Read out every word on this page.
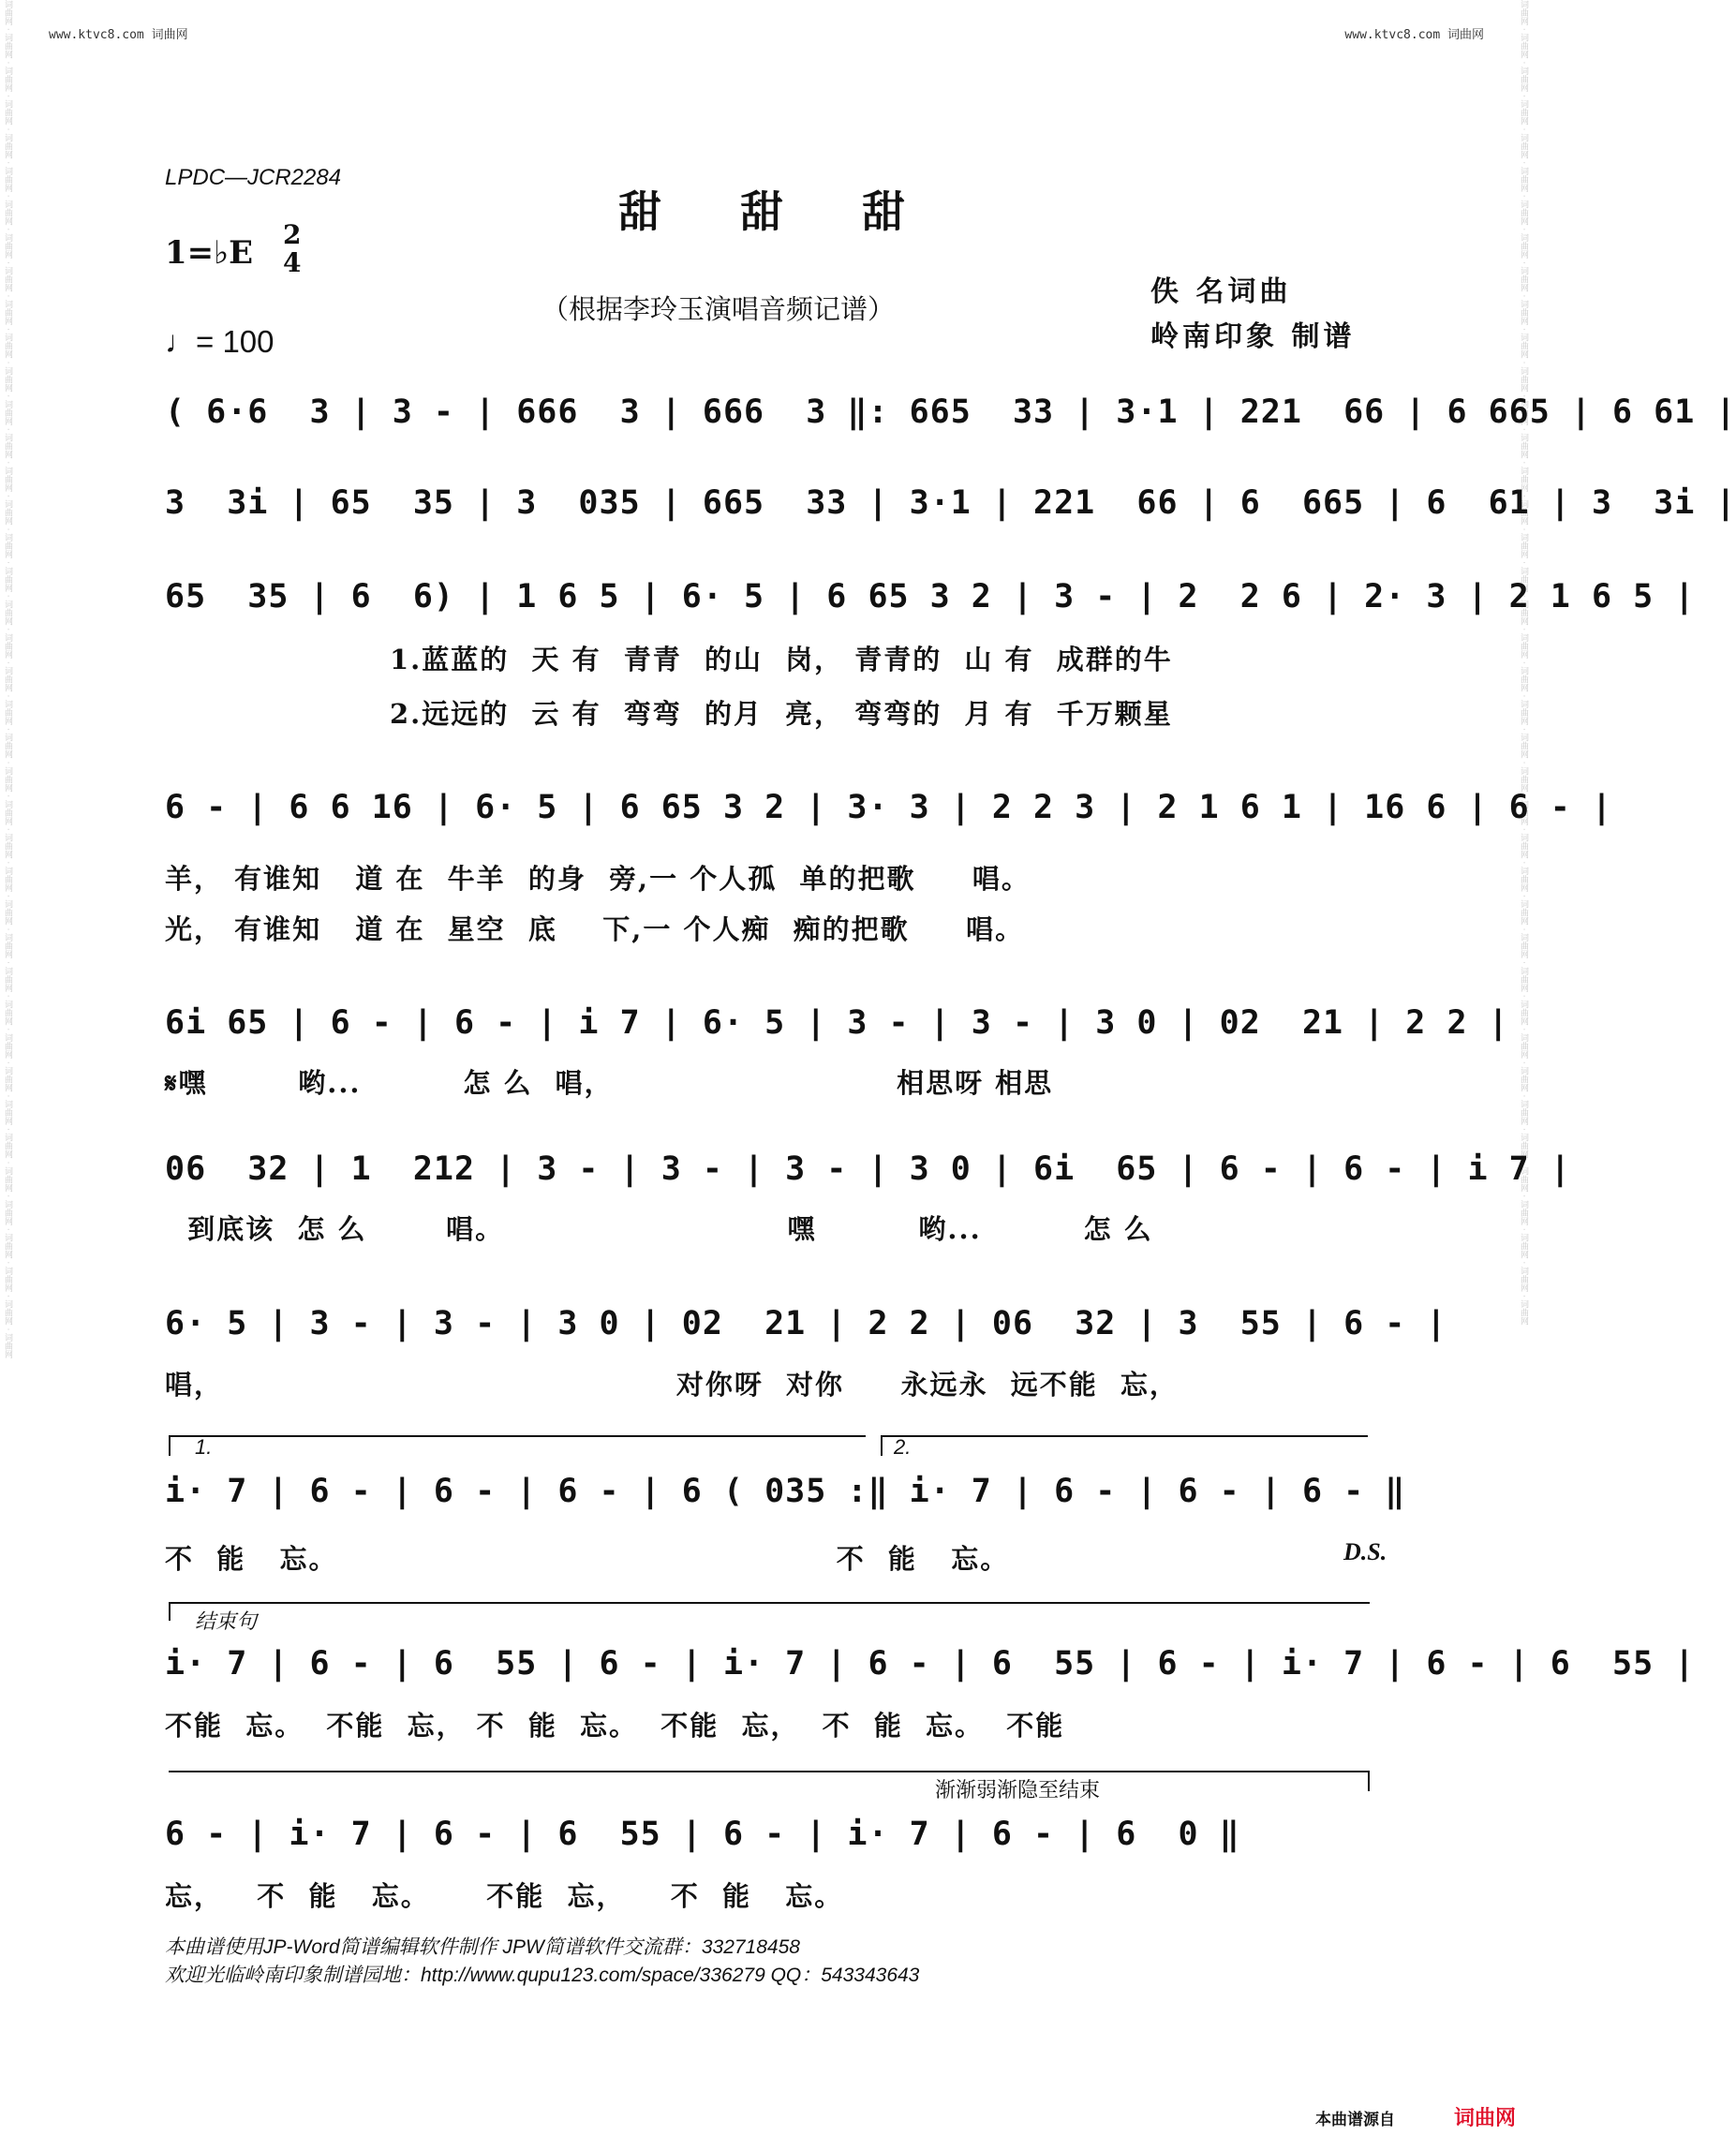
www.ktvc8.com 词曲网	www.ktvc8.com 词曲网
词曲网 · 词曲网 · 词曲网 · 词曲网 · 词曲网 · 词曲网 · 词曲网 · 词曲网 · 词曲网 · 词曲网 · 词曲网 · 词曲网 · 词曲网 · 词曲网 · 词曲网 · 词曲网 · 词曲网 · 词曲网 · 词曲网 · 词曲网 · 词曲网 · 词曲网 · 词曲网 · 词曲网 · 词曲网 · 词曲网 · 词曲网 · 词曲网 · 词曲网 · 词曲网 · 词曲网 · 词曲网 · 词曲网 · 词曲网 · 词曲网 · 词曲网 · 词曲网 · 词曲网 · 词曲网 · 词曲网 · 词曲网	词曲网 · 词曲网 · 词曲网 · 词曲网 · 词曲网 · 词曲网 · 词曲网 · 词曲网 · 词曲网 · 词曲网 · 词曲网 · 词曲网 · 词曲网 · 词曲网 · 词曲网 · 词曲网 · 词曲网 · 词曲网 · 词曲网 · 词曲网 · 词曲网 · 词曲网 · 词曲网 · 词曲网 · 词曲网 · 词曲网 · 词曲网 · 词曲网 · 词曲网 · 词曲网 · 词曲网 · 词曲网 · 词曲网 · 词曲网 · 词曲网 · 词曲网 · 词曲网 · 词曲网 · 词曲网 · 词曲网
LPDC—JCR2284
甜 甜 甜
（根据李玲玉演唱音频记谱）
1=♭E 2
4
♩= 100
佚 名词曲
岭南印象 制谱
( 6·6  3 | 3 - | 666  3 | 666  3 ‖: 665  33 | 3·1 | 221  66 | 6 665 | 6 61 |
3  3i | 65  35 | 3  035 | 665  33 | 3·1 | 221  66 | 6  665 | 6  61 | 3  3i |
65  35 | 6  6) | 1 6 5 | 6· 5 | 6 65 3 2 | 3 - | 2  2 6 | 2· 3 | 2 1 6 5 |
1.蓝蓝的  天 有  青青  的山  岗， 青青的  山 有  成群的牛
2.远远的  云 有  弯弯  的月  亮， 弯弯的  月 有  千万颗星
6 - | 6 6 16 | 6· 5 | 6 65 3 2 | 3· 3 | 2 2 3 | 2 1 6 1 | 16 6 | 6 - |
羊， 有谁知   道 在  牛羊  的身  旁,一 个人孤  单的把歌     唱。
光， 有谁知   道 在  星空  底    下,一 个人痴  痴的把歌     唱。
6i 65 | 6 - | 6 - | i 7 | 6· 5 | 3 - | 3 - | 3 0 | 02  21 | 2 2 |
𝄋嘿        哟...         怎 么  唱，                         相思呀 相思
06  32 | 1  212 | 3 - | 3 - | 3 - | 3 0 | 6i  65 | 6 - | 6 - | i 7 |
到底该  怎 么       唱。                         嘿         哟...         怎 么
6· 5 | 3 - | 3 - | 3 0 | 02  21 | 2 2 | 06  32 | 3  55 | 6 - |
唱，                                        对你呀  对你     永远永  远不能  忘，
1.	2.
i· 7 | 6 - | 6 - | 6 - | 6 ( 035 :‖ i· 7 | 6 - | 6 - | 6 - ‖
不  能   忘。                                            不  能   忘。	D.S.
结束句
i· 7 | 6 - | 6  55 | 6 - | i· 7 | 6 - | 6  55 | 6 - | i· 7 | 6 - | 6  55 |
不能  忘。  不能  忘， 不  能  忘。  不能  忘，  不  能  忘。  不能
渐渐弱渐隐至结束
6 - | i· 7 | 6 - | 6  55 | 6 - | i· 7 | 6 - | 6  0 ‖
忘，   不  能   忘。     不能  忘，    不  能   忘。
本曲谱使用JP-Word简谱编辑软件制作 JPW简谱软件交流群：332718458
欢迎光临岭南印象制谱园地：http://www.qupu123.com/space/336279 QQ：543343643
本曲谱源自	词曲网
